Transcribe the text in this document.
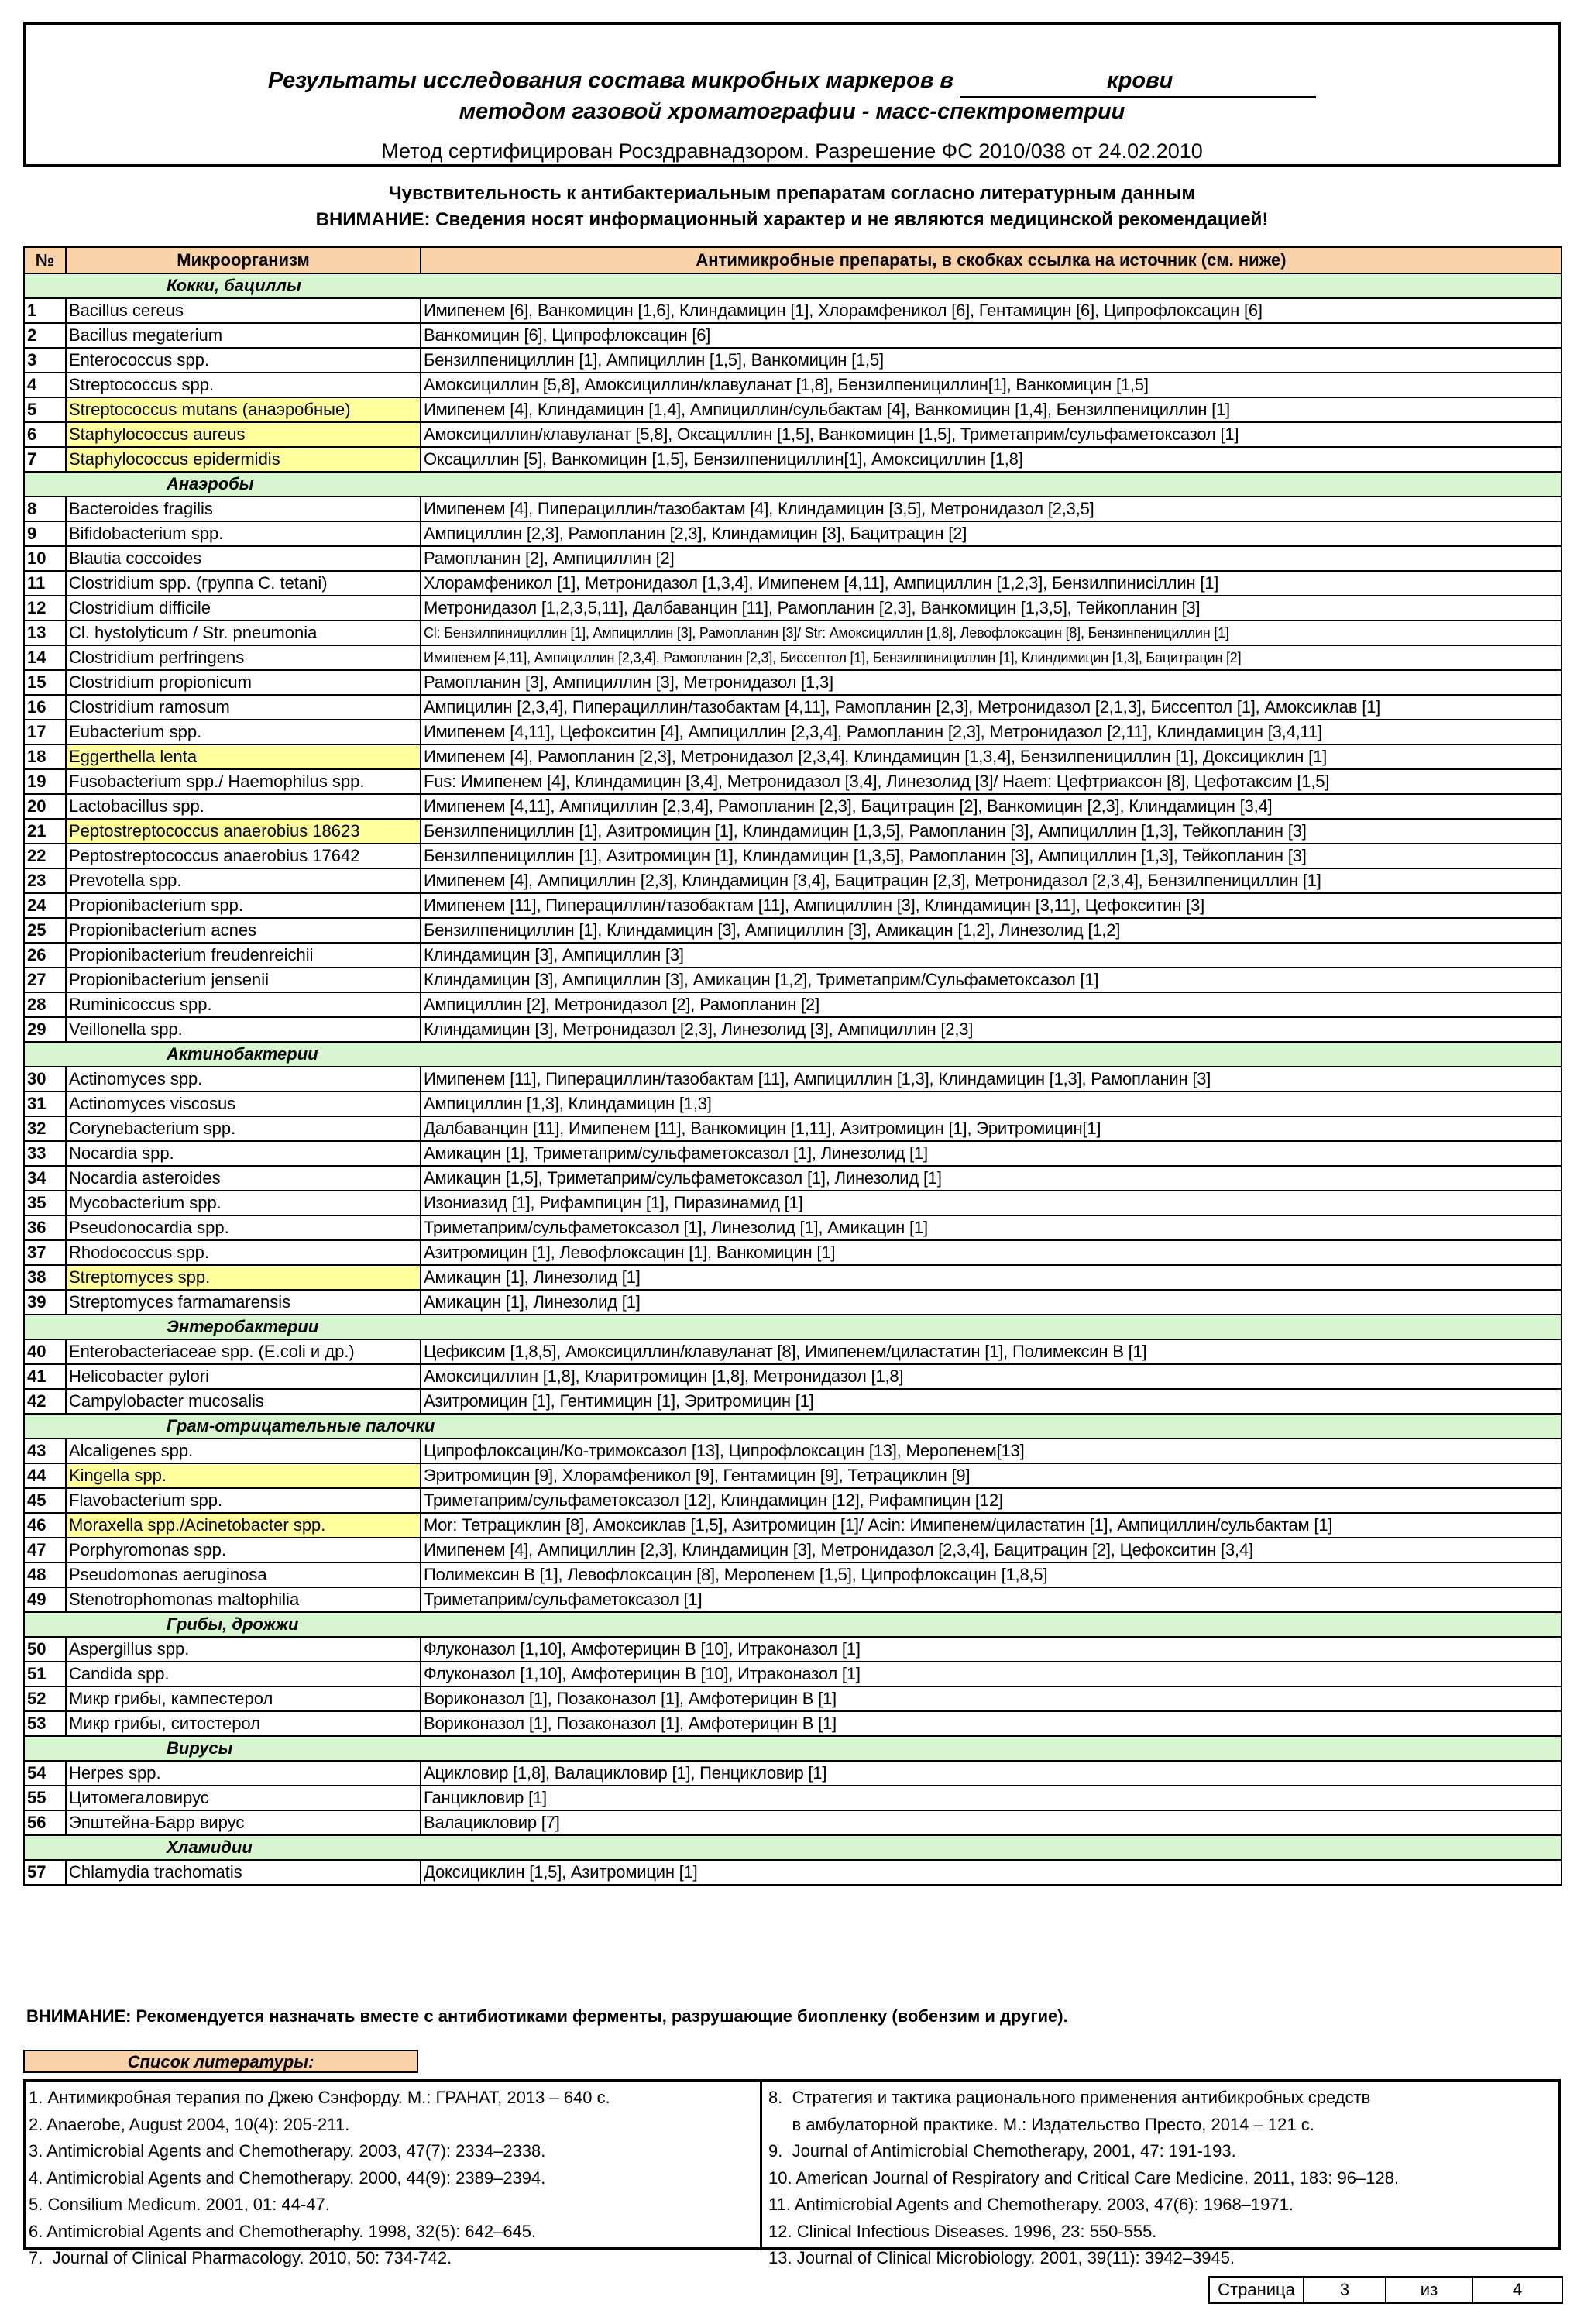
Результаты исследования состава микробных маркеров в	крови
методом газовой хроматографии - масс-спектрометрии
Метод сертифицирован Росздравнадзором. Разрешение ФС 2010/038 от 24.02.2010
Чувствительность к антибактериальным препаратам согласно литературным данным
ВНИМАНИЕ: Сведения носят информационный характер и не являются медицинской рекомендацией!
№	Микроорганизм	Антимикробные препараты, в скобках ссылка на источник (см. ниже)
Кокки, бациллы		
1	Bacillus cereus	Имипенем [6], Ванкомицин [1,6], Клиндамицин [1], Хлорамфеникол [6], Гентамицин [6], Ципрофлоксацин [6]
2	Bacillus megaterium	Ванкомицин [6], Ципрофлоксацин [6]
3	Enterococcus spp.	Бензилпенициллин [1], Ампициллин [1,5], Ванкомицин [1,5]
4	Streptococcus spp.	Амоксициллин [5,8], Амоксициллин/клавуланат [1,8], Бензилпенициллин[1], Ванкомицин [1,5]
5	Streptococcus mutans (анаэробные)	Имипенем [4], Клиндамицин [1,4], Ампициллин/сульбактам [4], Ванкомицин [1,4], Бензилпенициллин [1]
6	Staphylococcus aureus	Амоксициллин/клавуланат [5,8], Оксациллин [1,5], Ванкомицин [1,5], Триметаприм/сульфаметоксазол [1]
7	Staphylococcus epidermidis	Оксациллин [5], Ванкомицин [1,5], Бензилпенициллин[1], Амоксициллин [1,8]
Анаэробы		
8	Bacteroides fragilis	Имипенем [4], Пиперациллин/тазобактам [4], Клиндамицин [3,5], Метронидазол [2,3,5]
9	Bifidobacterium spp.	Ампициллин [2,3], Рамопланин [2,3], Клиндамицин [3], Бацитрацин [2]
10	Blautia coccoides	Рамопланин [2], Ампициллин [2]
11	Clostridium spp. (группа C. tetani)	Хлорамфеникол [1], Метронидазол [1,3,4], Имипенем [4,11], Ампициллин [1,2,3], Бензилпиниciллин [1]
12	Clostridium difficile	Метронидазол [1,2,3,5,11], Далбаванцин [11], Рамопланин [2,3], Ванкомицин [1,3,5], Тейкопланин [3]
13	Cl. hystolyticum / Str. pneumonia	Cl: Бензилпинициллин [1], Ампициллин [3], Рамопланин [3]/ Str: Амоксициллин [1,8], Левофлоксацин [8], Бензинпенициллин [1]
14	Clostridium perfringens	Имипенем [4,11], Ампициллин [2,3,4], Рамопланин [2,3], Биссептол [1], Бензилпинициллин [1], Клиндимицин [1,3], Бацитрацин [2]
15	Clostridium propionicum	Рамопланин [3], Ампициллин [3], Метронидазол [1,3]
16	Clostridium ramosum	Ампицилин [2,3,4], Пиперациллин/тазобактам [4,11], Рамопланин [2,3], Метронидазол [2,1,3], Биссептол [1], Амоксиклав [1]
17	Eubacterium spp.	Имипенем [4,11], Цефокситин [4], Ампициллин [2,3,4], Рамопланин [2,3], Метронидазол [2,11], Клиндамицин [3,4,11]
18	Eggerthella lenta	Имипенем [4], Рамопланин [2,3], Метронидазол [2,3,4], Клиндамицин [1,3,4], Бензилпенициллин [1], Доксициклин [1]
19	Fusobacterium spp./ Haemophilus spp.	Fus: Имипенем [4], Клиндамицин [3,4], Метронидазол [3,4], Линезолид [3]/ Haem: Цефтриаксон [8], Цефотаксим [1,5]
20	Lactobacillus spp.	Имипенем [4,11], Ампициллин [2,3,4], Рамопланин [2,3], Бацитрацин [2], Ванкомицин [2,3], Клиндамицин [3,4]
21	Peptostreptococcus anaerobius 18623	Бензилпенициллин [1], Азитромицин [1], Клиндамицин [1,3,5], Рамопланин [3], Ампициллин [1,3], Тейкопланин [3]
22	Peptostreptococcus anaerobius 17642	Бензилпенициллин [1], Азитромицин [1], Клиндамицин [1,3,5], Рамопланин [3], Ампициллин [1,3], Тейкопланин [3]
23	Prevotella spp.	Имипенем [4], Ампициллин [2,3], Клиндамицин [3,4], Бацитрацин [2,3], Метронидазол [2,3,4], Бензилпенициллин [1]
24	Propionibacterium spp.	Имипенем [11], Пиперациллин/тазобактам [11], Ампициллин [3], Клиндамицин [3,11], Цефокситин [3]
25	Propionibacterium acnes	Бензилпенициллин [1], Клиндамицин [3], Ампициллин [3], Амикацин [1,2], Линезолид [1,2]
26	Propionibacterium freudenreichii	Клиндамицин [3], Ампициллин [3]
27	Propionibacterium jensenii	Клиндамицин [3], Ампициллин [3], Амикацин [1,2], Триметаприм/Сульфаметоксазол [1]
28	Ruminicoccus spp.	Ампициллин [2], Метронидазол [2], Рамопланин [2]
29	Veillonella spp.	Клиндамицин [3], Метронидазол [2,3], Линезолид [3], Ампициллин [2,3]
Актинобактерии		
30	Actinomyces spp.	Имипенем [11], Пиперациллин/тазобактам [11], Ампициллин [1,3], Клиндамицин [1,3], Рамопланин [3]
31	Actinomyces viscosus	Ампициллин [1,3], Клиндамицин [1,3]
32	Corynebacterium spp.	Далбаванцин [11], Имипенем [11], Ванкомицин [1,11], Азитромицин [1], Эритромицин[1]
33	Nocardia spp.	Амикацин [1], Триметаприм/сульфаметоксазол [1], Линезолид [1]
34	Nocardia asteroides	Амикацин [1,5], Триметаприм/сульфаметоксазол [1], Линезолид [1]
35	Mycobacterium spp.	Изониазид [1], Рифампицин [1], Пиразинамид [1]
36	Pseudonocardia spp.	Триметаприм/сульфаметоксазол [1], Линезолид [1], Амикацин [1]
37	Rhodococcus spp.	Азитромицин [1], Левофлоксацин [1], Ванкомицин [1]
38	Streptomyces spp.	Амикацин [1], Линезолид [1]
39	Streptomyces farmamarensis	Амикацин [1], Линезолид [1]
Энтеробактерии		
40	Enterobacteriaceae spp. (E.coli и др.)	Цефиксим [1,8,5], Амоксициллин/клавуланат [8], Имипенем/циластатин [1], Полимексин В [1]
41	Helicobacter pylori	Амоксициллин [1,8], Кларитромицин [1,8], Метронидазол [1,8]
42	Campylobacter mucosalis	Азитромицин [1], Гентимицин [1], Эритромицин [1]
Грам-отрицательные палочки		
43	Alcaligenes spp.	Ципрофлоксацин/Ко-тримоксазол [13], Ципрофлоксацин [13], Меропенем[13]
44	Kingella spp.	Эритромицин [9], Хлорамфеникол [9], Гентамицин [9], Тетрациклин [9]
45	Flavobacterium spp.	Триметаприм/сульфаметоксазол [12], Клиндамицин [12], Рифампицин [12]
46	Moraxella spp./Acinetobacter spp.	Mor: Тетрациклин [8], Амоксиклав [1,5], Азитромицин [1]/ Acin: Имипенем/циластатин [1], Ампициллин/сульбактам [1]
47	Porphyromonas spp.	Имипенем [4], Ампициллин [2,3], Клиндамицин [3], Метронидазол [2,3,4], Бацитрацин [2], Цефокситин [3,4]
48	Pseudomonas aeruginosa	Полимексин В [1], Левофлоксацин [8], Меропенем [1,5], Ципрофлоксацин [1,8,5]
49	Stenotrophomonas maltophilia	Триметаприм/сульфаметоксазол [1]
Грибы, дрожжи		
50	Aspergillus spp.	Флуконазол [1,10], Амфотерицин В [10], Итраконазол [1]
51	Candida spp.	Флуконазол [1,10], Амфотерицин В [10], Итраконазол [1]
52	Микр грибы, кампестерол	Вориконазол [1], Позаконазол [1], Амфотерицин В [1]
53	Микр грибы, ситостерол	Вориконазол [1], Позаконазол [1], Амфотерицин В [1]
Вирусы		
54	Herpes spp.	Ацикловир [1,8], Валацикловир [1], Пенцикловир [1]
55	Цитомегаловирус	Ганцикловир [1]
56	Эпштейна-Барр вирус	Валацикловир [7]
Хламидии		
57	Chlamydia trachomatis	Доксициклин [1,5], Азитромицин [1]
ВНИМАНИЕ: Рекомендуется назначать вместе с антибиотиками ферменты, разрушающие биопленку (вобензим и другие).
Список литературы:
1. Антимикробная терапия по Джею Сэнфорду. М.: ГРАНАТ, 2013 – 640 с.
2. Anaerobe, August 2004, 10(4): 205-211.
3. Antimicrobial Agents and Chemotherapy. 2003, 47(7): 2334–2338.
4. Antimicrobial Agents and Chemotherapy. 2000, 44(9): 2389–2394.
5. Consilium Medicum. 2001, 01: 44-47.
6. Antimicrobial Agents and Chemotheraphy. 1998, 32(5): 642–645.
7.  Journal of Clinical Pharmacology. 2010, 50: 734-742.
8.  Стратегия и тактика рационального применения антибикробных средств
в амбулаторной практике. М.: Издательство Престо, 2014 – 121 с.
9.  Journal of Antimicrobial Chemotherapy, 2001, 47: 191-193.
10. American Journal of Respiratory and Critical Care Medicine. 2011, 183: 96–128.
11. Antimicrobial Agents and Chemotherapy. 2003, 47(6): 1968–1971.
12. Clinical Infectious Diseases. 1996, 23: 550-555.
13. Journal of Clinical Microbiology. 2001, 39(11): 3942–3945.
Страница	3	из	4
